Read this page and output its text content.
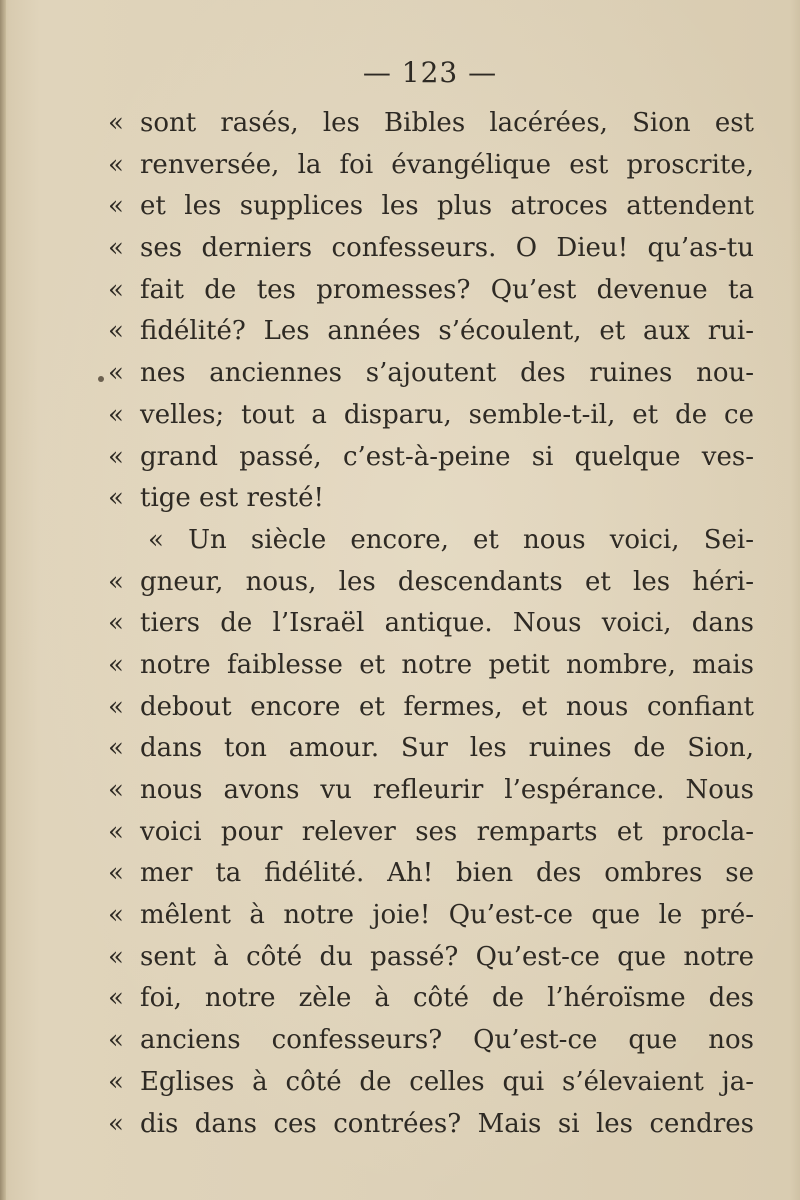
— 123 —
« sont rasés, les Bibles lacérées, Sion est
« renversée, la foi évangélique est proscrite,
« et les supplices les plus atroces attendent
« ses derniers confesseurs. O Dieu! qu’as-tu
« fait de tes promesses? Qu’est devenue ta
« fidélité? Les années s’écoulent, et aux rui-
« nes anciennes s’ajoutent des ruines nou-
« velles; tout a disparu, semble-t-il, et de ce
« grand passé, c’est-à-peine si quelque ves-
« tige est resté!
« Un siècle encore, et nous voici, Sei-
« gneur, nous, les descendants et les héri-
« tiers de l’Israël antique. Nous voici, dans
« notre faiblesse et notre petit nombre, mais
« debout encore et fermes, et nous confiant
« dans ton amour. Sur les ruines de Sion,
« nous avons vu refleurir l’espérance. Nous
« voici pour relever ses remparts et procla-
« mer ta fidélité. Ah! bien des ombres se
« mêlent à notre joie! Qu’est-ce que le pré-
« sent à côté du passé? Qu’est-ce que notre
« foi, notre zèle à côté de l’héroïsme des
« anciens confesseurs? Qu’est-ce que nos
« Eglises à côté de celles qui s’élevaient ja-
« dis dans ces contrées? Mais si les cendres
